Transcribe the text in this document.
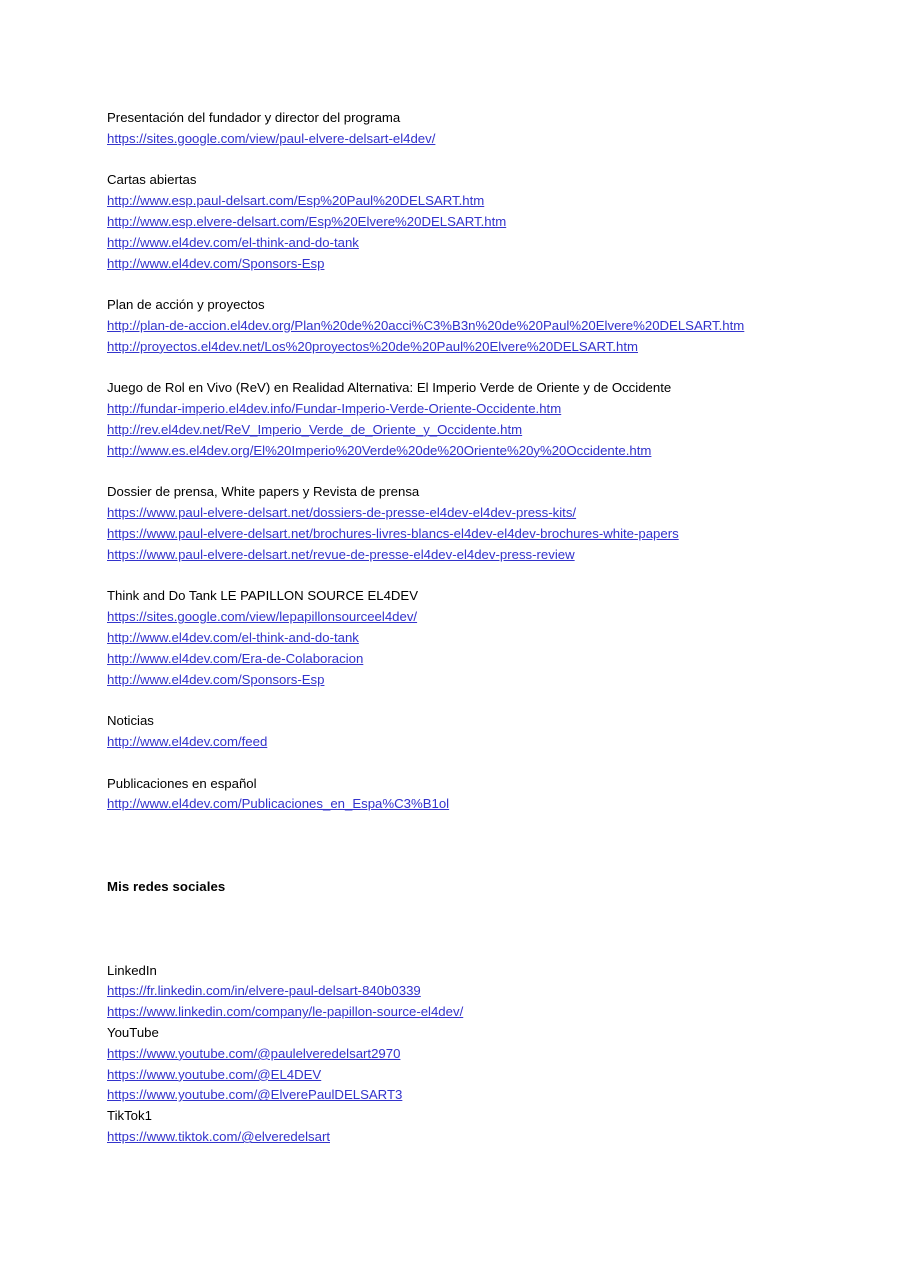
Presentación del fundador y director del programa
https://sites.google.com/view/paul-elvere-delsart-el4dev/
Cartas abiertas
http://www.esp.paul-delsart.com/Esp%20Paul%20DELSART.htm
http://www.esp.elvere-delsart.com/Esp%20Elvere%20DELSART.htm
http://www.el4dev.com/el-think-and-do-tank
http://www.el4dev.com/Sponsors-Esp
Plan de acción y proyectos
http://plan-de-accion.el4dev.org/Plan%20de%20acci%C3%B3n%20de%20Paul%20Elvere%20DELSART.htm
http://proyectos.el4dev.net/Los%20proyectos%20de%20Paul%20Elvere%20DELSART.htm
Juego de Rol en Vivo (ReV) en Realidad Alternativa: El Imperio Verde de Oriente y de Occidente
http://fundar-imperio.el4dev.info/Fundar-Imperio-Verde-Oriente-Occidente.htm
http://rev.el4dev.net/ReV_Imperio_Verde_de_Oriente_y_Occidente.htm
http://www.es.el4dev.org/El%20Imperio%20Verde%20de%20Oriente%20y%20Occidente.htm
Dossier de prensa, White papers y Revista de prensa
https://www.paul-elvere-delsart.net/dossiers-de-presse-el4dev-el4dev-press-kits/
https://www.paul-elvere-delsart.net/brochures-livres-blancs-el4dev-el4dev-brochures-white-papers
https://www.paul-elvere-delsart.net/revue-de-presse-el4dev-el4dev-press-review
Think and Do Tank LE PAPILLON SOURCE EL4DEV
https://sites.google.com/view/lepapillonsourceel4dev/
http://www.el4dev.com/el-think-and-do-tank
http://www.el4dev.com/Era-de-Colaboracion
http://www.el4dev.com/Sponsors-Esp
Noticias
http://www.el4dev.com/feed
Publicaciones en español
http://www.el4dev.com/Publicaciones_en_Espa%C3%B1ol
Mis redes sociales
LinkedIn
https://fr.linkedin.com/in/elvere-paul-delsart-840b0339
https://www.linkedin.com/company/le-papillon-source-el4dev/
YouTube
https://www.youtube.com/@paulelveredelsart2970
https://www.youtube.com/@EL4DEV
https://www.youtube.com/@ElverePaulDELSART3
TikTok1
https://www.tiktok.com/@elveredelsart
